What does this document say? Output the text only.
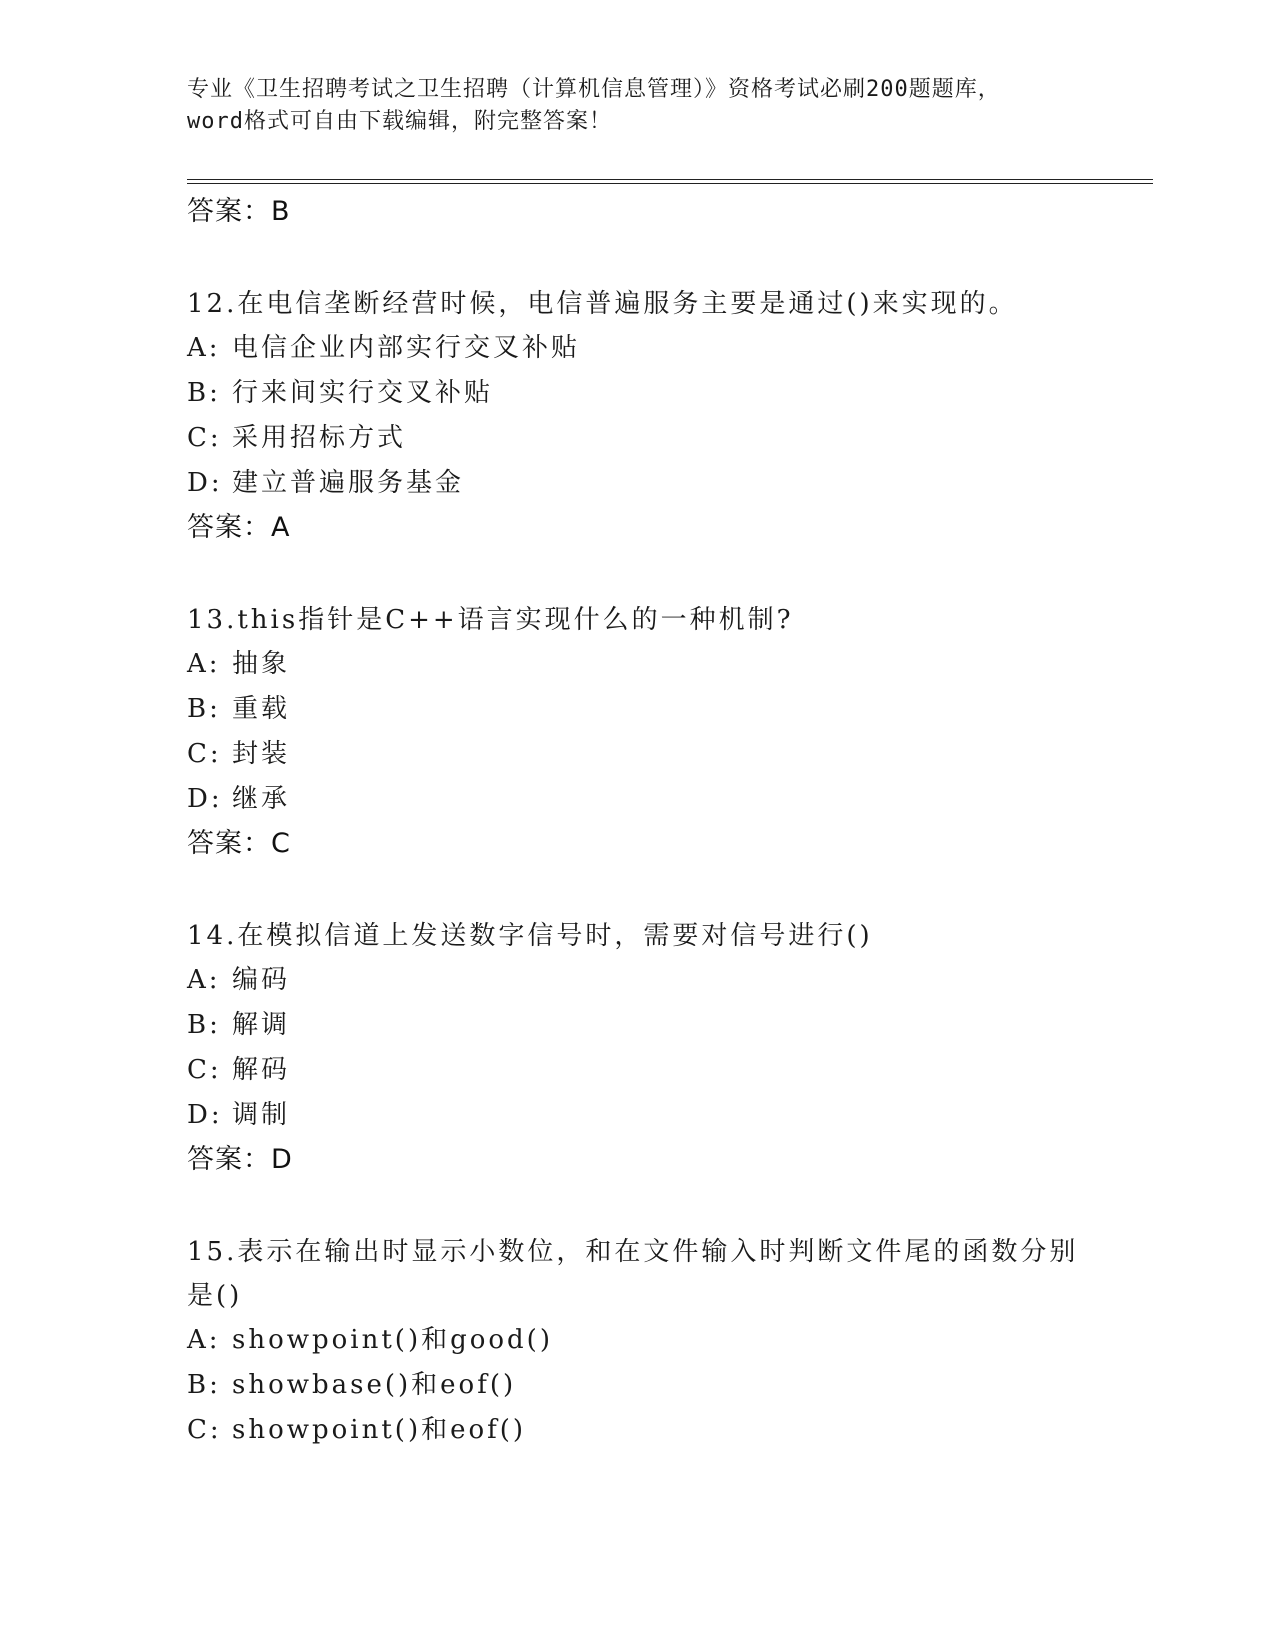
专业《卫生招聘考试之卫生招聘（计算机信息管理）》资格考试必刷200题题库，
word格式可自由下载编辑，附完整答案！
答案：B
12.在电信垄断经营时候，电信普遍服务主要是通过()来实现的。
A: 电信企业内部实行交叉补贴
B: 行来间实行交叉补贴
C: 采用招标方式
D: 建立普遍服务基金
答案：A
13.this指针是C++语言实现什么的一种机制?
A: 抽象
B: 重载
C: 封装
D: 继承
答案：C
14.在模拟信道上发送数字信号时，需要对信号进行()
A: 编码
B: 解调
C: 解码
D: 调制
答案：D
15.表示在输出时显示小数位，和在文件输入时判断文件尾的函数分别
是()
A: showpoint()和good()
B: showbase()和eof()
C: showpoint()和eof()
